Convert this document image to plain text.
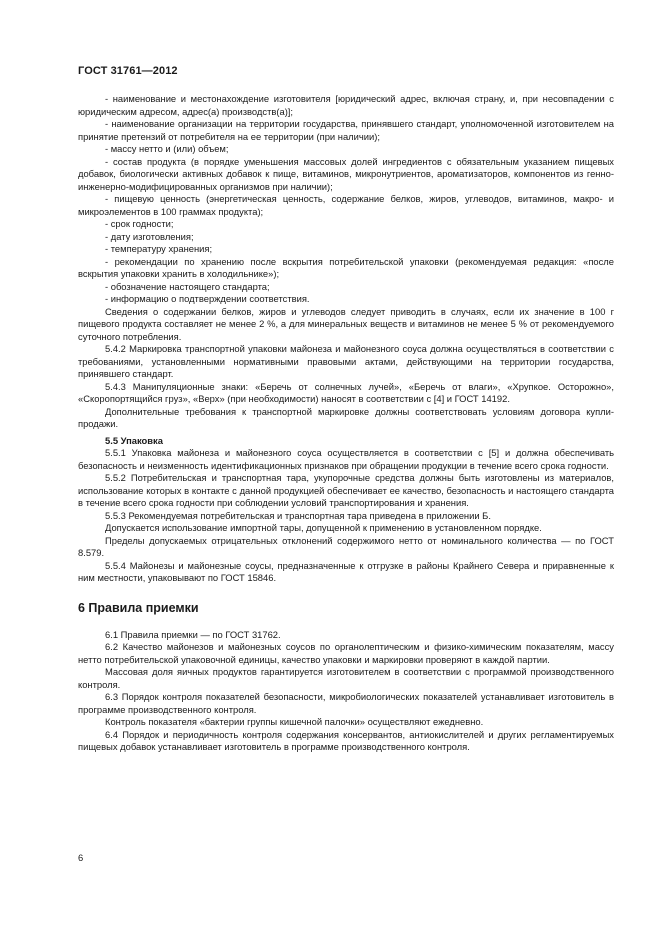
ГОСТ 31761—2012

- наименование и местонахождение изготовителя [юридический адрес, включая страну, и, при несовпадении с юридическим адресом, адрес(а) производств(а)];

- наименование организации на территории государства, принявшего стандарт, уполномоченной изготовителем на принятие претензий от потребителя на ее территории (при наличии);

- массу нетто и (или) объем;

- состав продукта (в порядке уменьшения массовых долей ингредиентов с обязательным указанием пищевых добавок, биологически активных добавок к пище, витаминов, микронутриентов, ароматизаторов, компонентов из генно-инженерно-модифицированных организмов при наличии);

- пищевую ценность (энергетическая ценность, содержание белков, жиров, углеводов, витаминов, макро- и микроэлементов в 100 граммах продукта);

- срок годности;

- дату изготовления;

- температуру хранения;

- рекомендации по хранению после вскрытия потребительской упаковки (рекомендуемая редакция: «после вскрытия упаковки хранить в холодильнике»);

- обозначение настоящего стандарта;

- информацию о подтверждении соответствия.

Сведения о содержании белков, жиров и углеводов следует приводить в случаях, если их значение в 100 г пищевого продукта составляет не менее 2 %, а для минеральных веществ и витаминов не менее 5 % от рекомендуемого суточного потребления.

5.4.2 Маркировка транспортной упаковки майонеза и майонезного соуса должна осуществляться в соответствии с требованиями, установленными нормативными правовыми актами, действующими на территории государства, принявшего стандарт.

5.4.3 Манипуляционные знаки: «Беречь от солнечных лучей», «Беречь от влаги», «Хрупкое. Осторожно», «Скоропортящийся груз», «Верх» (при необходимости) наносят в соответствии с [4] и ГОСТ 14192.

Дополнительные требования к транспортной маркировке должны соответствовать условиям договора купли-продажи.

5.5 Упаковка

5.5.1 Упаковка майонеза и майонезного соуса осуществляется в соответствии с [5] и должна обеспечивать безопасность и неизменность идентификационных признаков при обращении продукции в течение всего срока годности.

5.5.2 Потребительская и транспортная тара, укупорочные средства должны быть изготовлены из материалов, использование которых в контакте с данной продукцией обеспечивает ее качество, безопасность и настоящего стандарта в течение всего срока годности при соблюдении условий транспортирования и хранения.

5.5.3 Рекомендуемая потребительская и транспортная тара приведена в приложении Б.

Допускается использование импортной тары, допущенной к применению в установленном порядке.

Пределы допускаемых отрицательных отклонений содержимого нетто от номинального количества — по ГОСТ 8.579.

5.5.4 Майонезы и майонезные соусы, предназначенные к отгрузке в районы Крайнего Севера и приравненные к ним местности, упаковывают по ГОСТ 15846.

6 Правила приемки

6.1 Правила приемки — по ГОСТ 31762.

6.2 Качество майонезов и майонезных соусов по органолептическим и физико-химическим показателям, массу нетто потребительской упаковочной единицы, качество упаковки и маркировки проверяют в каждой партии.

Массовая доля яичных продуктов гарантируется изготовителем в соответствии с программой производственного контроля.

6.3 Порядок контроля показателей безопасности, микробиологических показателей устанавливает изготовитель в программе производственного контроля.

Контроль показателя «бактерии группы кишечной палочки» осуществляют ежедневно.

6.4 Порядок и периодичность контроля содержания консервантов, антиокислителей и других регламентируемых пищевых добавок устанавливает изготовитель в программе производственного контроля.

6
